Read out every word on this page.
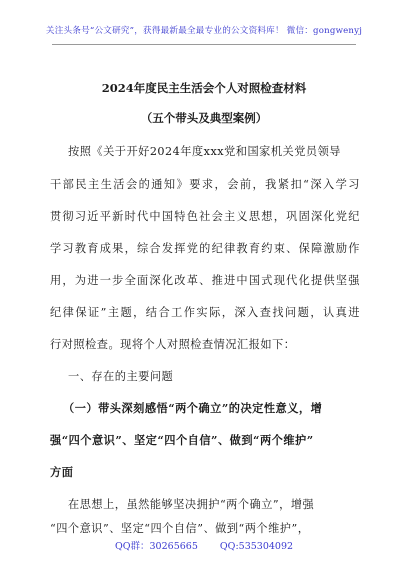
关注头条号“公文研究”，获得最新最全最专业的公文资料库！ 微信：gongwenyj
2024年度民主生活会个人对照检查材料
（五个带头及典型案例）
按照《关于开好2024年度xxx党和国家机关党员领导
干部民主生活会的通知》要求，会前，我紧扣“深入学习
贯彻习近平新时代中国特色社会主义思想，巩固深化党纪
学习教育成果，综合发挥党的纪律教育约束、保障激励作
用，为进一步全面深化改革、推进中国式现代化提供坚强
纪律保证”主题，结合工作实际，深入查找问题，认真进
行对照检查。现将个人对照检查情况汇报如下：
一、存在的主要问题
（一）带头深刻感悟“两个确立”的决定性意义，增
强“四个意识”、坚定“四个自信”、做到“两个维护”
方面
在思想上，虽然能够坚决拥护“两个确立”，增强
“四个意识”、坚定“四个自信”、做到“两个维护”，
QQ群：30265665 QQ:535304092
